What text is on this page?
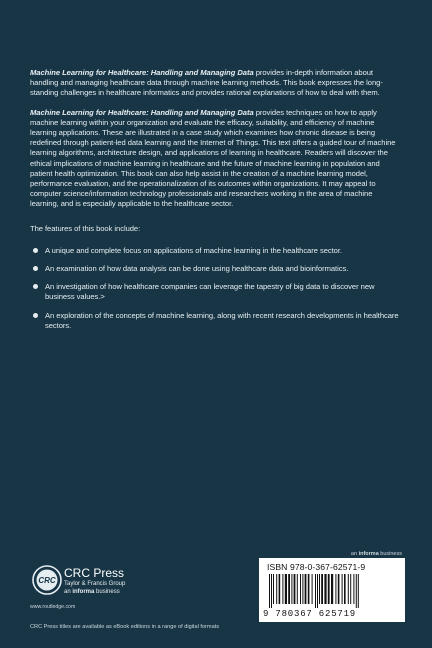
Machine Learning for Healthcare: Handling and Managing Data provides in-depth information about handling and managing healthcare data through machine learning methods. This book expresses the long-standing challenges in healthcare informatics and provides rational explanations of how to deal with them.

Machine Learning for Healthcare: Handling and Managing Data provides techniques on how to apply machine learning within your organization and evaluate the efficacy, suitability, and efficiency of machine learning applications. These are illustrated in a case study which examines how chronic disease is being redefined through patient-led data learning and the Internet of Things. This text offers a guided tour of machine learning algorithms, architecture design, and applications of learning in healthcare. Readers will discover the ethical implications of machine learning in healthcare and the future of machine learning in population and patient health optimization. This book can also help assist in the creation of a machine learning model, performance evaluation, and the operationalization of its outcomes within organizations. It may appeal to computer science/information technology professionals and researchers working in the area of machine learning, and is especially applicable to the healthcare sector.

The features of this book include:

A unique and complete focus on applications of machine learning in the healthcare sector.
An examination of how data analysis can be done using healthcare data and bioinformatics.
An investigation of how healthcare companies can leverage the tapestry of big data to discover new business values.>
An exploration of the concepts of machine learning, along with recent research developments in healthcare sectors.
an informa business
ISBN 978-0-367-62571-9
9 780367 625719
CRC
CRC Press
Taylor & Francis Group
an informa business
www.routledge.com
CRC Press titles are available as eBook editions in a range of digital formats
